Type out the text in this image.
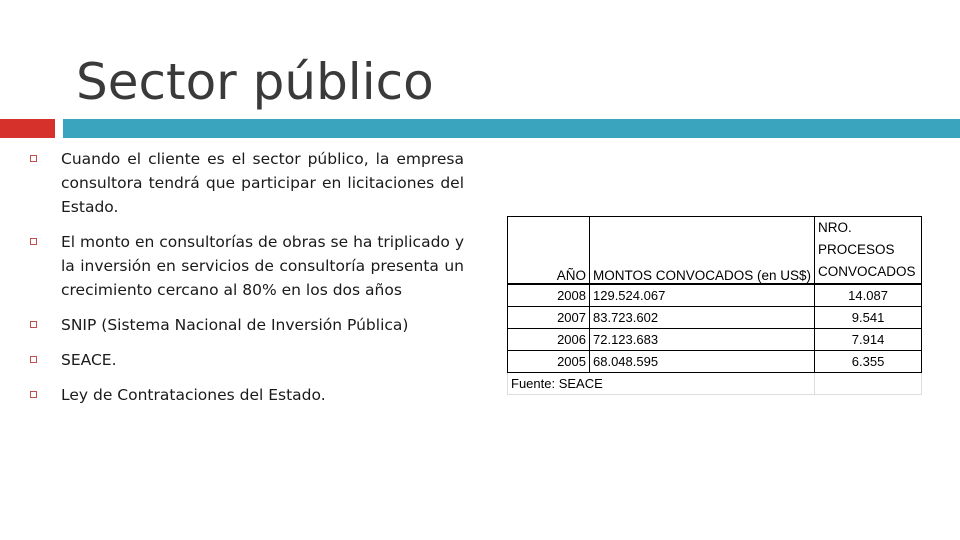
Sector público
Cuando el cliente es el sector público, la empresa consultora tendrá que participar en licitaciones del Estado.
El monto en consultorías de obras se ha triplicado y la inversión en servicios de consultoría presenta un crecimiento cercano al 80% en los dos años
SNIP (Sistema Nacional de Inversión Pública)
SEACE.
Ley de Contrataciones del Estado.
AÑO	MONTOS CONVOCADOS (en US$)	NRO. PROCESOS
CONVOCADOS

2008	129.524.067	14.087
2007	83.723.602	9.541
2006	72.123.683	7.914
2005	68.048.595	6.355
Fuente: SEACE		
